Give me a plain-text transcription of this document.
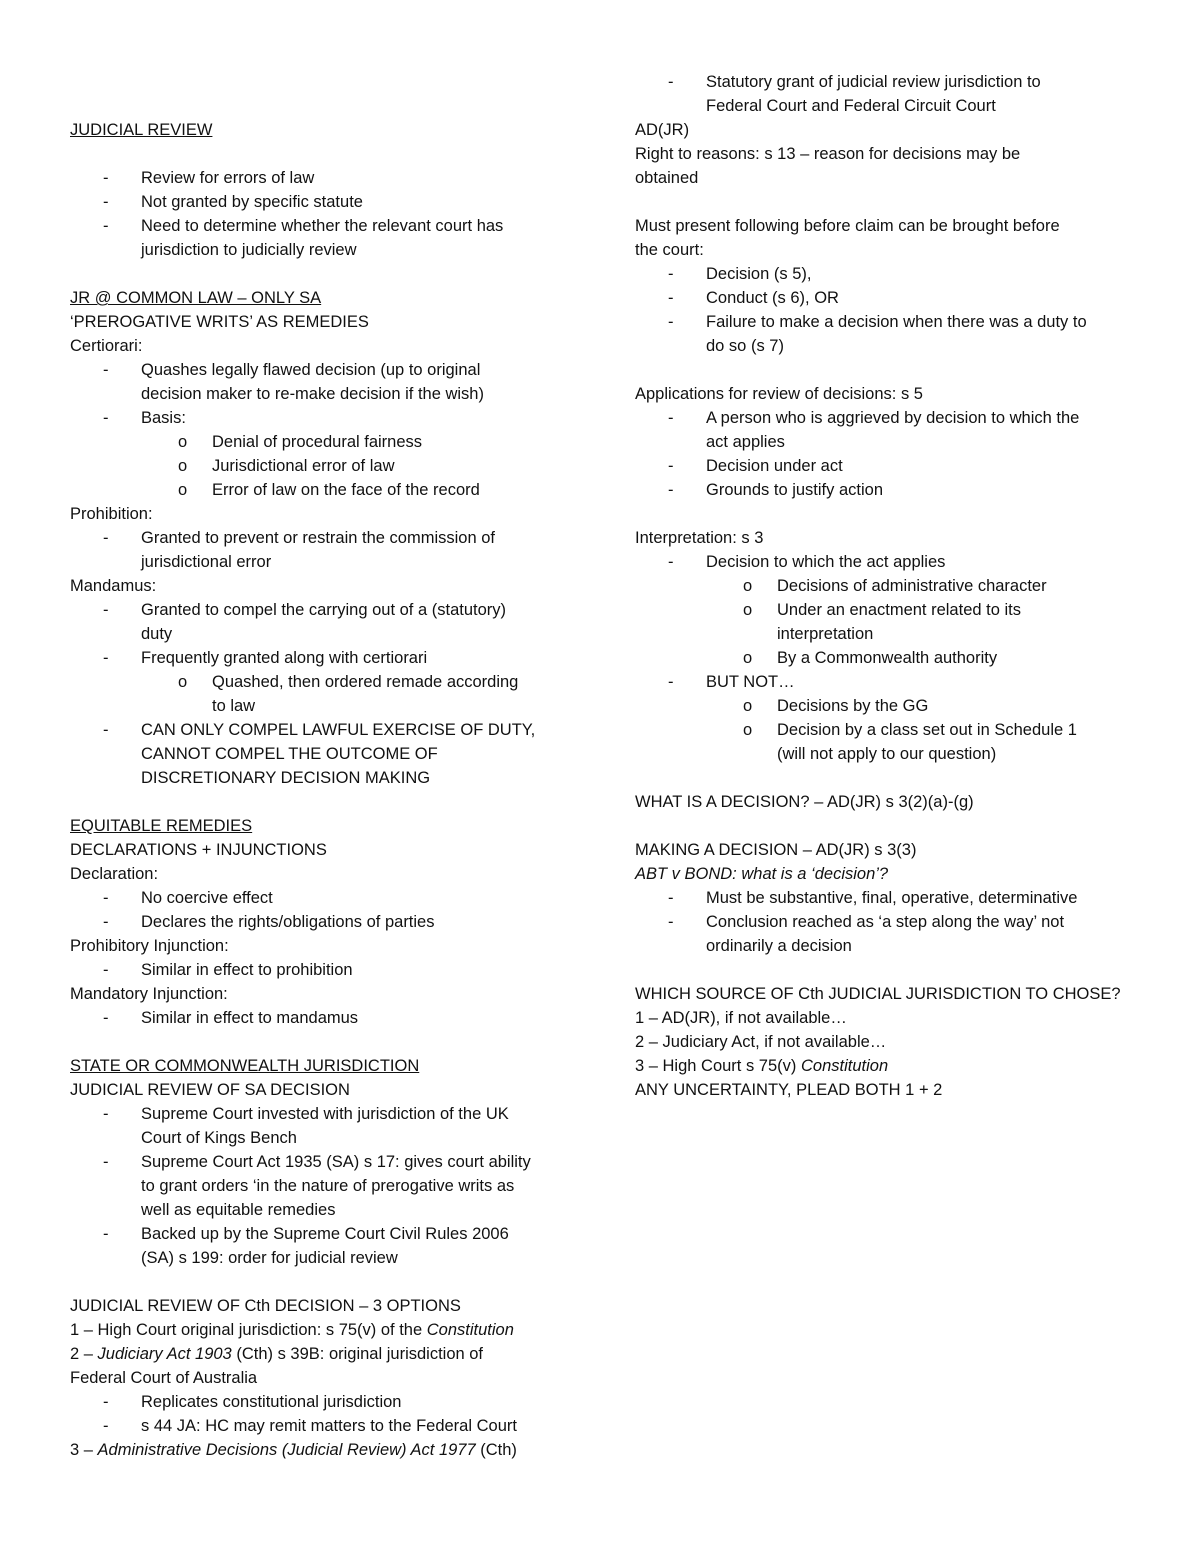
JUDICIAL REVIEW
-	Review for errors of law
-	Not granted by specific statute
-	Need to determine whether the relevant court has
jurisdiction to judicially review
JR @ COMMON LAW – ONLY SA
‘PREROGATIVE WRITS’ AS REMEDIES
Certiorari:
-	Quashes legally flawed decision (up to original
decision maker to re-make decision if the wish)
-	Basis:
o	Denial of procedural fairness
o	Jurisdictional error of law
o	Error of law on the face of the record
Prohibition:
-	Granted to prevent or restrain the commission of
jurisdictional error
Mandamus:
-	Granted to compel the carrying out of a (statutory)
duty
-	Frequently granted along with certiorari
o	Quashed, then ordered remade according
to law
-	CAN ONLY COMPEL LAWFUL EXERCISE OF DUTY,
CANNOT COMPEL THE OUTCOME OF
DISCRETIONARY DECISION MAKING
EQUITABLE REMEDIES
DECLARATIONS + INJUNCTIONS
Declaration:
-	No coercive effect
-	Declares the rights/obligations of parties
Prohibitory Injunction:
-	Similar in effect to prohibition
Mandatory Injunction:
-	Similar in effect to mandamus
STATE OR COMMONWEALTH JURISDICTION
JUDICIAL REVIEW OF SA DECISION
-	Supreme Court invested with jurisdiction of the UK
Court of Kings Bench
-	Supreme Court Act 1935 (SA) s 17: gives court ability
to grant orders ‘in the nature of prerogative writs as
well as equitable remedies
-	Backed up by the Supreme Court Civil Rules 2006
(SA) s 199: order for judicial review
JUDICIAL REVIEW OF Cth DECISION – 3 OPTIONS
1 – High Court original jurisdiction: s 75(v) of the Constitution
2 – Judiciary Act 1903 (Cth) s 39B: original jurisdiction of
Federal Court of Australia
-	Replicates constitutional jurisdiction
-	s 44 JA: HC may remit matters to the Federal Court
3 – Administrative Decisions (Judicial Review) Act 1977 (Cth)
-	Statutory grant of judicial review jurisdiction to
Federal Court and Federal Circuit Court
AD(JR)
Right to reasons: s 13 – reason for decisions may be
obtained
Must present following before claim can be brought before
the court:
-	Decision (s 5),
-	Conduct (s 6), OR
-	Failure to make a decision when there was a duty to
do so (s 7)
Applications for review of decisions: s 5
-	A person who is aggrieved by decision to which the
act applies
-	Decision under act
-	Grounds to justify action
Interpretation: s 3
-	Decision to which the act applies
o	Decisions of administrative character
o	Under an enactment related to its
interpretation
o	By a Commonwealth authority
-	BUT NOT…
o	Decisions by the GG
o	Decision by a class set out in Schedule 1
(will not apply to our question)
WHAT IS A DECISION? – AD(JR) s 3(2)(a)-(g)
MAKING A DECISION – AD(JR) s 3(3)
ABT v BOND: what is a ‘decision’?
-	Must be substantive, final, operative, determinative
-	Conclusion reached as ‘a step along the way’ not
ordinarily a decision
WHICH SOURCE OF Cth JUDICIAL JURISDICTION TO CHOSE?
1 – AD(JR), if not available…
2 – Judiciary Act, if not available…
3 – High Court s 75(v) Constitution
ANY UNCERTAINTY, PLEAD BOTH 1 + 2
